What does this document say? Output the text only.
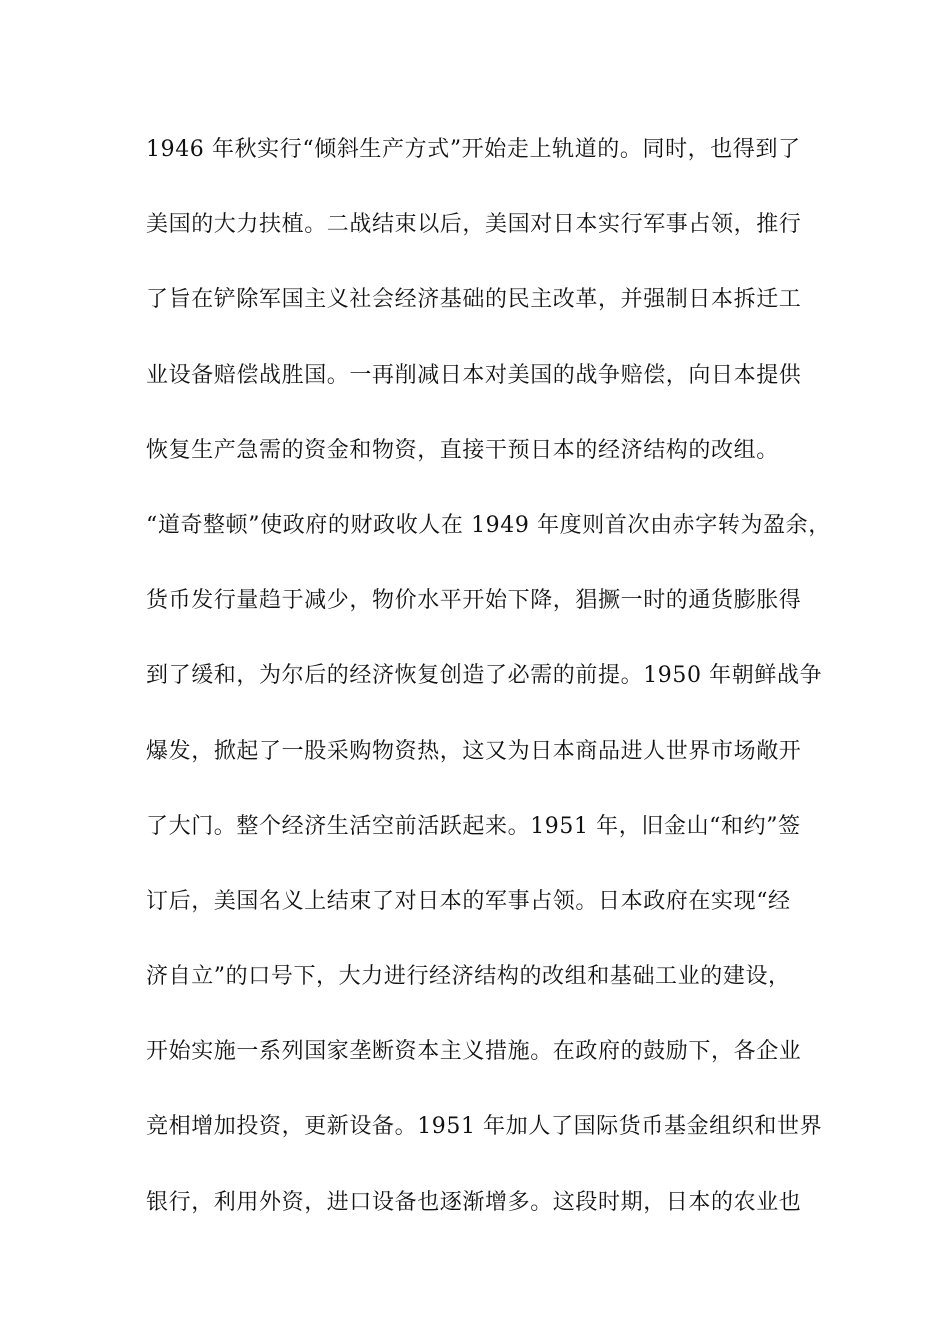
1946 年秋实行“倾斜生产方式”开始走上轨道的。同时，也得到了
美国的大力扶植。二战结束以后，美国对日本实行军事占领，推行
了旨在铲除军国主义社会经济基础的民主改革，并强制日本拆迁工
业设备赔偿战胜国。一再削减日本对美国的战争赔偿，向日本提供
恢复生产急需的资金和物资，直接干预日本的经济结构的改组。
“道奇整顿”使政府的财政收人在 1949 年度则首次由赤字转为盈余，
货币发行量趋于减少，物价水平开始下降，猖撅一时的通货膨胀得
到了缓和，为尔后的经济恢复创造了必需的前提。1950 年朝鲜战争
爆发，掀起了一股采购物资热，这又为日本商品进人世界市场敞开
了大门。整个经济生活空前活跃起来。1951 年，旧金山“和约”签
订后，美国名义上结束了对日本的军事占领。日本政府在实现“经
济自立”的口号下，大力进行经济结构的改组和基础工业的建设，
开始实施一系列国家垄断资本主义措施。在政府的鼓励下，各企业
竞相增加投资，更新设备。1951 年加人了国际货币基金组织和世界
银行，利用外资，进口设备也逐渐增多。这段时期，日本的农业也
